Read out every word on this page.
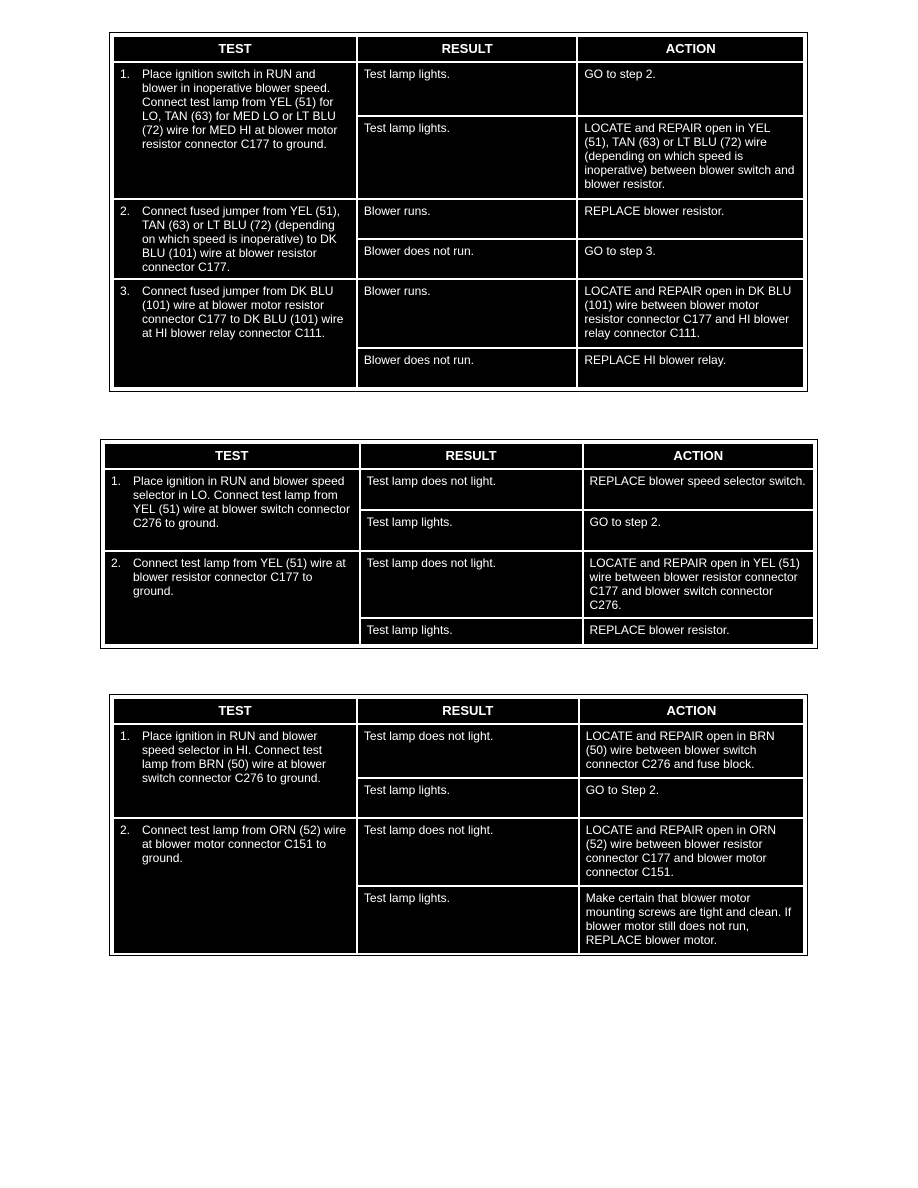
TEST	RESULT	ACTION

1. Place ignition switch in RUN and blower in inoperative blower speed. Connect test lamp from YEL (51) for LO, TAN (63) for MED LO or LT BLU (72) wire for MED HI at blower motor resistor connector C177 to ground.	Test lamp lights.	GO to step 2.
	Test lamp lights.	LOCATE and REPAIR open in YEL (51), TAN (63) or LT BLU (72) wire (depending on which speed is inoperative) between blower switch and blower resistor.

2. Connect fused jumper from YEL (51), TAN (63) or LT BLU (72) (depending on which speed is inoperative) to DK BLU (101) wire at blower resistor connector C177.	Blower runs.	REPLACE blower resistor.
	Blower does not run.	GO to step 3.

3. Connect fused jumper from DK BLU (101) wire at blower motor resistor connector C177 to DK BLU (101) wire at HI blower relay connector C111.	Blower runs.	LOCATE and REPAIR open in DK BLU (101) wire between blower motor resistor connector C177 and HI blower relay connector C111.
	Blower does not run.	REPLACE HI blower relay.
TEST	RESULT	ACTION

1. Place ignition in RUN and blower speed selector in LO. Connect test lamp from YEL (51) wire at blower switch connector C276 to ground.	Test lamp does not light.	REPLACE blower speed selector switch.
	Test lamp lights.	GO to step 2.

2. Connect test lamp from YEL (51) wire at blower resistor connector C177 to ground.	Test lamp does not light.	LOCATE and REPAIR open in YEL (51) wire between blower resistor connector C177 and blower switch connector C276.
	Test lamp lights.	REPLACE blower resistor.
TEST	RESULT	ACTION

1. Place ignition in RUN and blower speed selector in HI. Connect test lamp from BRN (50) wire at blower switch connector C276 to ground.	Test lamp does not light.	LOCATE and REPAIR open in BRN (50) wire between blower switch connector C276 and fuse block.
	Test lamp lights.	GO to Step 2.

2. Connect test lamp from ORN (52) wire at blower motor connector C151 to ground.	Test lamp does not light.	LOCATE and REPAIR open in ORN (52) wire between blower resistor connector C177 and blower motor connector C151.
	Test lamp lights.	Make certain that blower motor mounting screws are tight and clean. If blower motor still does not run, REPLACE blower motor.
